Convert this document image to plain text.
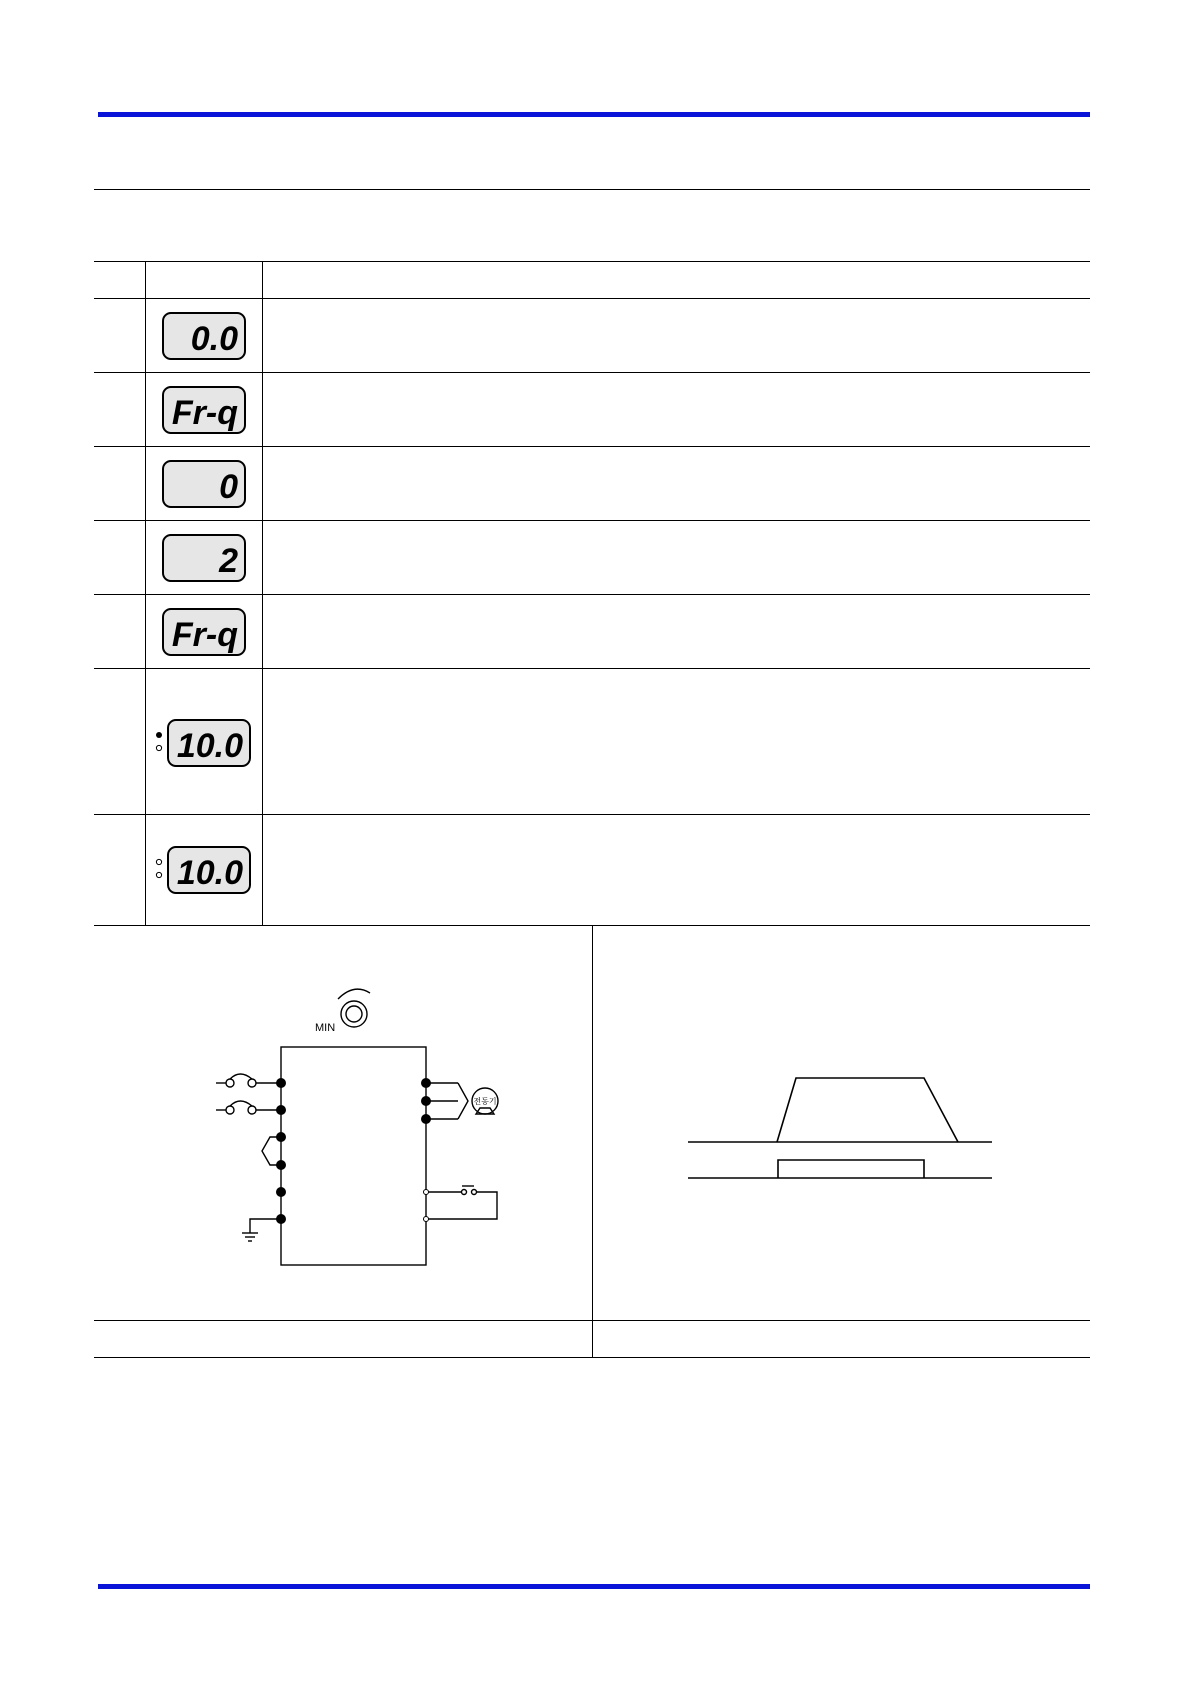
0.0
Fr-q
0
2
Fr-q
10.0
10.0
MIN
전동기
